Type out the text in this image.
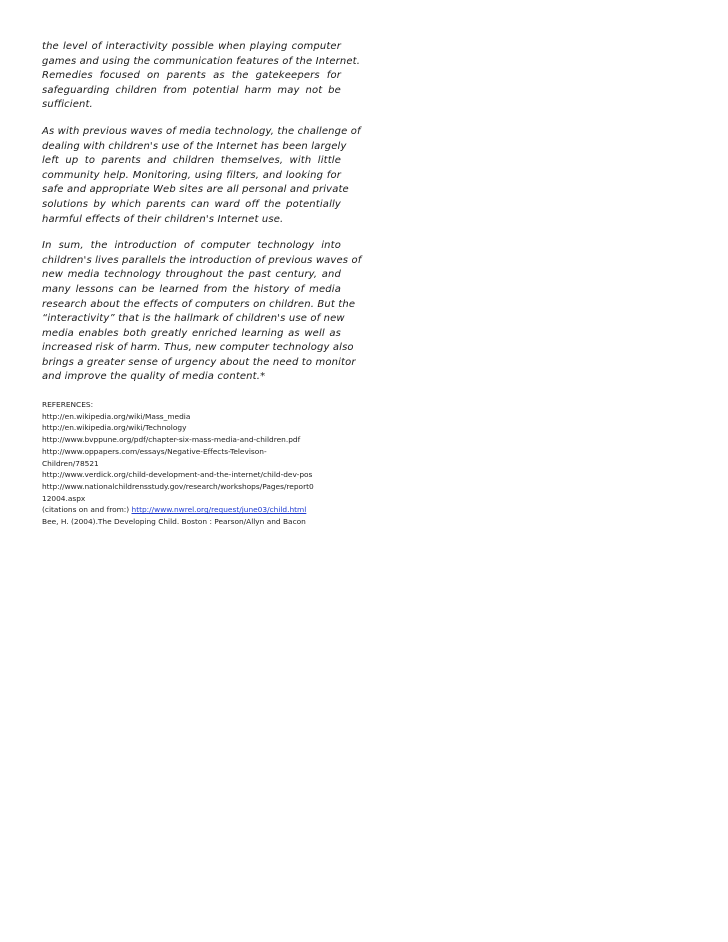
the level of interactivity possible when playing computer

games and using the communication features of the Internet.

Remedies focused on parents as the gatekeepers for

safeguarding children from potential harm may not be

sufficient.

As with previous waves of media technology, the challenge of

dealing with children's use of the Internet has been largely

left up to parents and children themselves, with little

community help. Monitoring, using filters, and looking for

safe and appropriate Web sites are all personal and private

solutions by which parents can ward off the potentially

harmful effects of their children's Internet use.

In sum, the introduction of computer technology into

children's lives parallels the introduction of previous waves of

new media technology throughout the past century, and

many lessons can be learned from the history of media

research about the effects of computers on children. But the

“interactivity” that is the hallmark of children's use of new

media enables both greatly enriched learning as well as

increased risk of harm. Thus, new computer technology also

brings a greater sense of urgency about the need to monitor

and improve the quality of media content.*

REFERENCES:
http://en.wikipedia.org/wiki/Mass_media
http://en.wikipedia.org/wiki/Technology
http://www.bvppune.org/pdf/chapter-six-mass-media-and-children.pdf
http://www.oppapers.com/essays/Negative-Effects-Televison-
Children/78521
http://www.verdick.org/child-development-and-the-internet/child-dev-pos
http://www.nationalchildrensstudy.gov/research/workshops/Pages/report0
12004.aspx
(citations on and from:) http://www.nwrel.org/request/june03/child.html
Bee, H. (2004).The Developing Child. Boston : Pearson/Allyn and Bacon
